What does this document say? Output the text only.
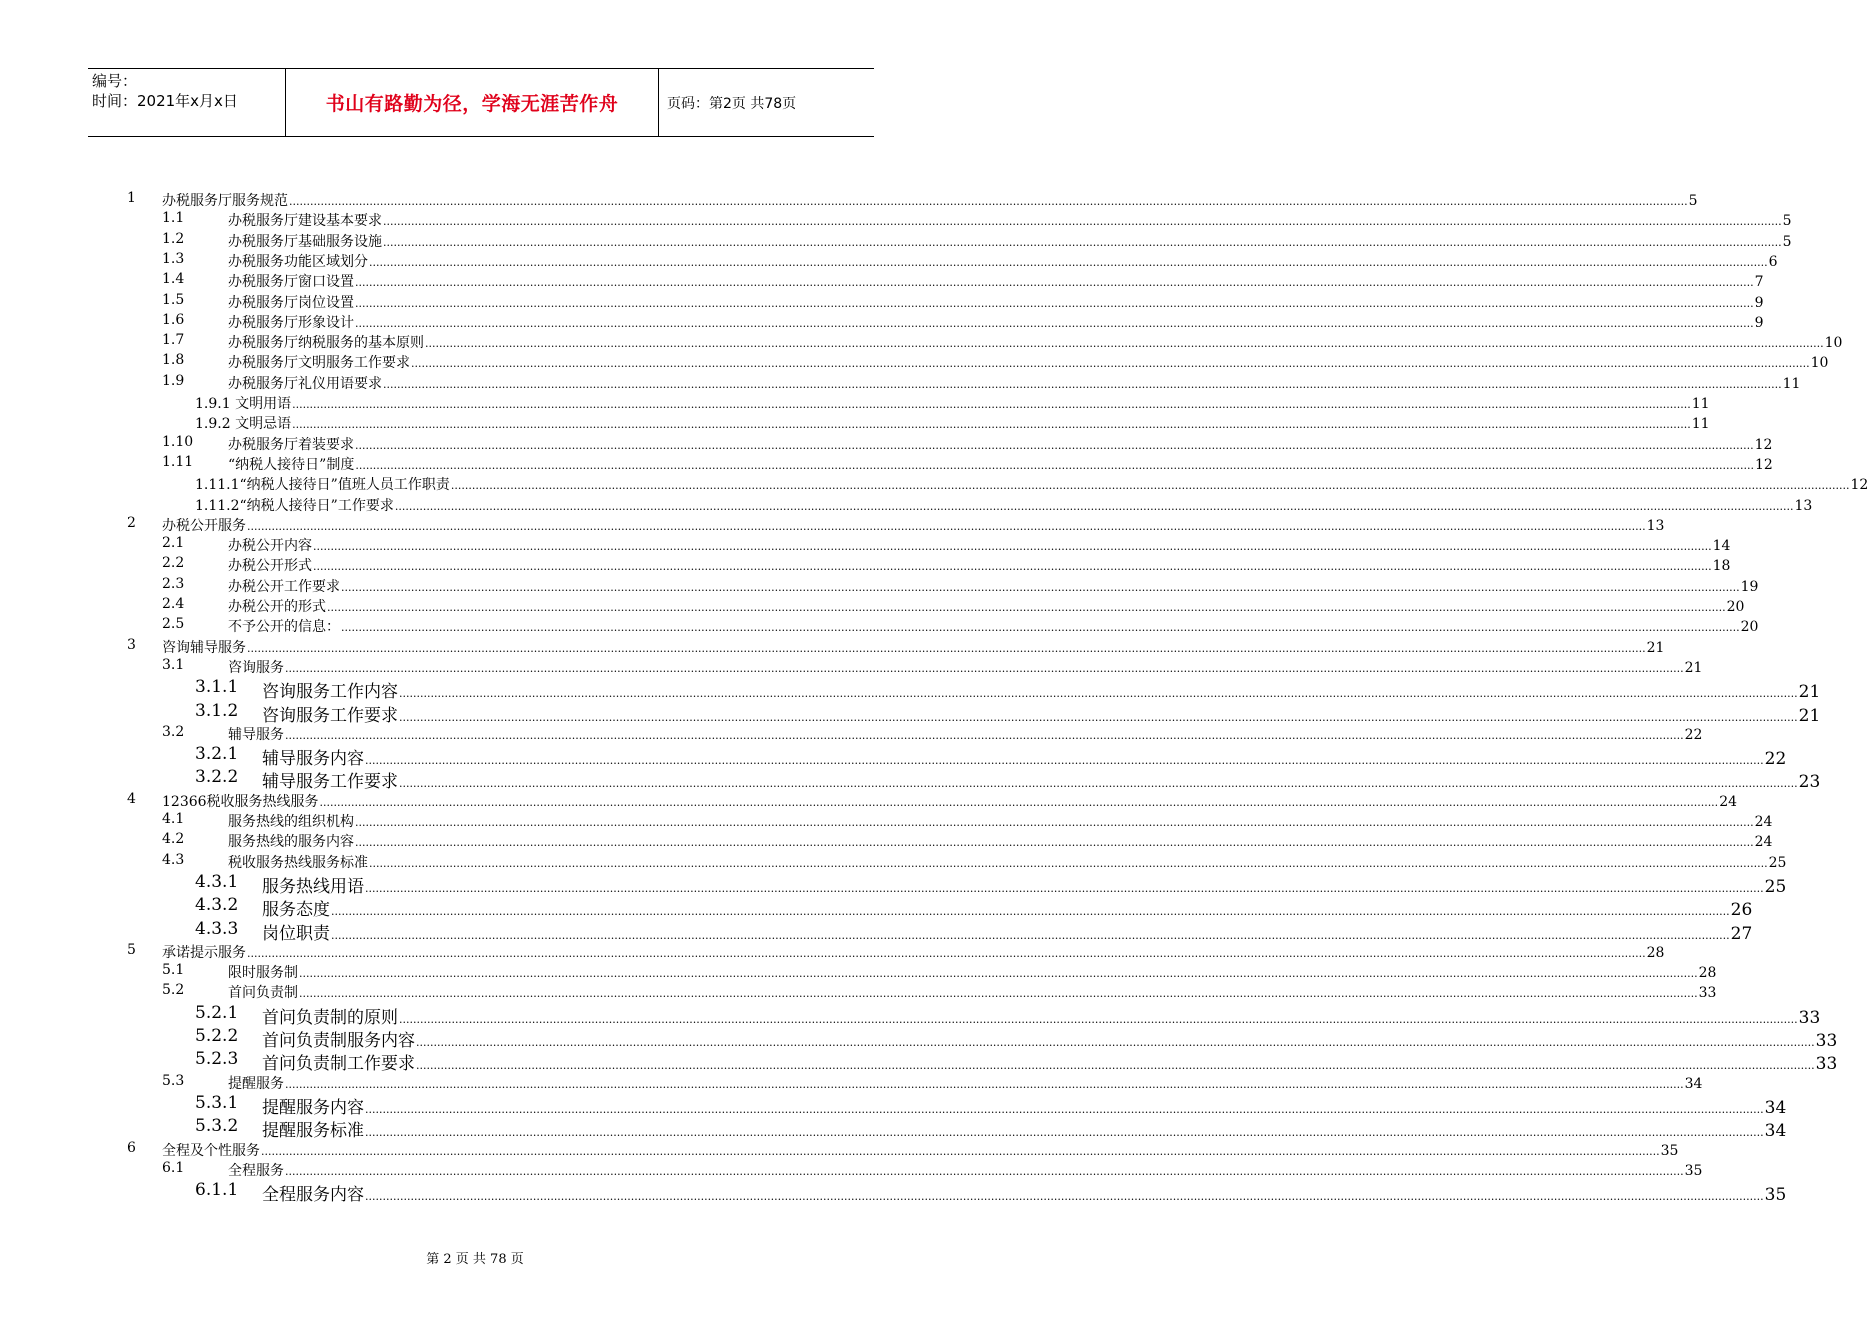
编号：
时间：2021年x月x日	书山有路勤为径，学海无涯苦作舟	页码：第2页 共78页
1 办税服务厅服务规范 ................................................................................................................................................................................................................................................................................................................................................................................................................ 5
1.1	办税服务厅建设基本要求 ................................................................................................................................................................................................................................................................................................................................................................................................................ 5
1.2	办税服务厅基础服务设施 ................................................................................................................................................................................................................................................................................................................................................................................................................ 5
1.3	办税服务功能区域划分 ................................................................................................................................................................................................................................................................................................................................................................................................................ 6
1.4	办税服务厅窗口设置 ................................................................................................................................................................................................................................................................................................................................................................................................................ 7
1.5	办税服务厅岗位设置 ................................................................................................................................................................................................................................................................................................................................................................................................................ 9
1.6	办税服务厅形象设计 ................................................................................................................................................................................................................................................................................................................................................................................................................ 9
1.7	办税服务厅纳税服务的基本原则 ................................................................................................................................................................................................................................................................................................................................................................................................................ 10
1.8	办税服务厅文明服务工作要求 ................................................................................................................................................................................................................................................................................................................................................................................................................ 10
1.9	办税服务厅礼仪用语要求 ................................................................................................................................................................................................................................................................................................................................................................................................................ 11
1.9.1 文明用语 ................................................................................................................................................................................................................................................................................................................................................................................................................ 11
1.9.2 文明忌语 ................................................................................................................................................................................................................................................................................................................................................................................................................ 11
1.10 办税服务厅着装要求 ................................................................................................................................................................................................................................................................................................................................................................................................................ 12
1.11 “纳税人接待日”制度 ................................................................................................................................................................................................................................................................................................................................................................................................................ 12
1.11.1“纳税人接待日”值班人员工作职责 ................................................................................................................................................................................................................................................................................................................................................................................................................ 12
1.11.2“纳税人接待日”工作要求 ................................................................................................................................................................................................................................................................................................................................................................................................................ 13
2 办税公开服务 ................................................................................................................................................................................................................................................................................................................................................................................................................ 13
2.1	办税公开内容 ................................................................................................................................................................................................................................................................................................................................................................................................................ 14
2.2	办税公开形式 ................................................................................................................................................................................................................................................................................................................................................................................................................ 18
2.3	办税公开工作要求 ................................................................................................................................................................................................................................................................................................................................................................................................................ 19
2.4	办税公开的形式 ................................................................................................................................................................................................................................................................................................................................................................................................................ 20
2.5	不予公开的信息： ................................................................................................................................................................................................................................................................................................................................................................................................................ 20
3 咨询辅导服务 ................................................................................................................................................................................................................................................................................................................................................................................................................ 21
3.1	咨询服务 ................................................................................................................................................................................................................................................................................................................................................................................................................ 21
3.1.1 咨询服务工作内容 ................................................................................................................................................................................................................................................................................................................................................................................................................ 21
3.1.2 咨询服务工作要求 ................................................................................................................................................................................................................................................................................................................................................................................................................ 21
3.2	辅导服务 ................................................................................................................................................................................................................................................................................................................................................................................................................ 22
3.2.1 辅导服务内容 ................................................................................................................................................................................................................................................................................................................................................................................................................ 22
3.2.2 辅导服务工作要求 ................................................................................................................................................................................................................................................................................................................................................................................................................ 23
4 12366税收服务热线服务 ................................................................................................................................................................................................................................................................................................................................................................................................................ 24
4.1	服务热线的组织机构 ................................................................................................................................................................................................................................................................................................................................................................................................................ 24
4.2	服务热线的服务内容 ................................................................................................................................................................................................................................................................................................................................................................................................................ 24
4.3	税收服务热线服务标准 ................................................................................................................................................................................................................................................................................................................................................................................................................ 25
4.3.1 服务热线用语 ................................................................................................................................................................................................................................................................................................................................................................................................................ 25
4.3.2 服务态度 ................................................................................................................................................................................................................................................................................................................................................................................................................ 26
4.3.3 岗位职责 ................................................................................................................................................................................................................................................................................................................................................................................................................ 27
5 承诺提示服务 ................................................................................................................................................................................................................................................................................................................................................................................................................ 28
5.1	限时服务制 ................................................................................................................................................................................................................................................................................................................................................................................................................ 28
5.2	首问负责制 ................................................................................................................................................................................................................................................................................................................................................................................................................ 33
5.2.1 首问负责制的原则 ................................................................................................................................................................................................................................................................................................................................................................................................................ 33
5.2.2 首问负责制服务内容 ................................................................................................................................................................................................................................................................................................................................................................................................................ 33
5.2.3 首问负责制工作要求 ................................................................................................................................................................................................................................................................................................................................................................................................................ 33
5.3	提醒服务 ................................................................................................................................................................................................................................................................................................................................................................................................................ 34
5.3.1 提醒服务内容 ................................................................................................................................................................................................................................................................................................................................................................................................................ 34
5.3.2 提醒服务标准 ................................................................................................................................................................................................................................................................................................................................................................................................................ 34
6 全程及个性服务 ................................................................................................................................................................................................................................................................................................................................................................................................................ 35
6.1	全程服务 ................................................................................................................................................................................................................................................................................................................................................................................................................ 35
6.1.1 全程服务内容 ................................................................................................................................................................................................................................................................................................................................................................................................................ 35
第 2 页 共 78 页
